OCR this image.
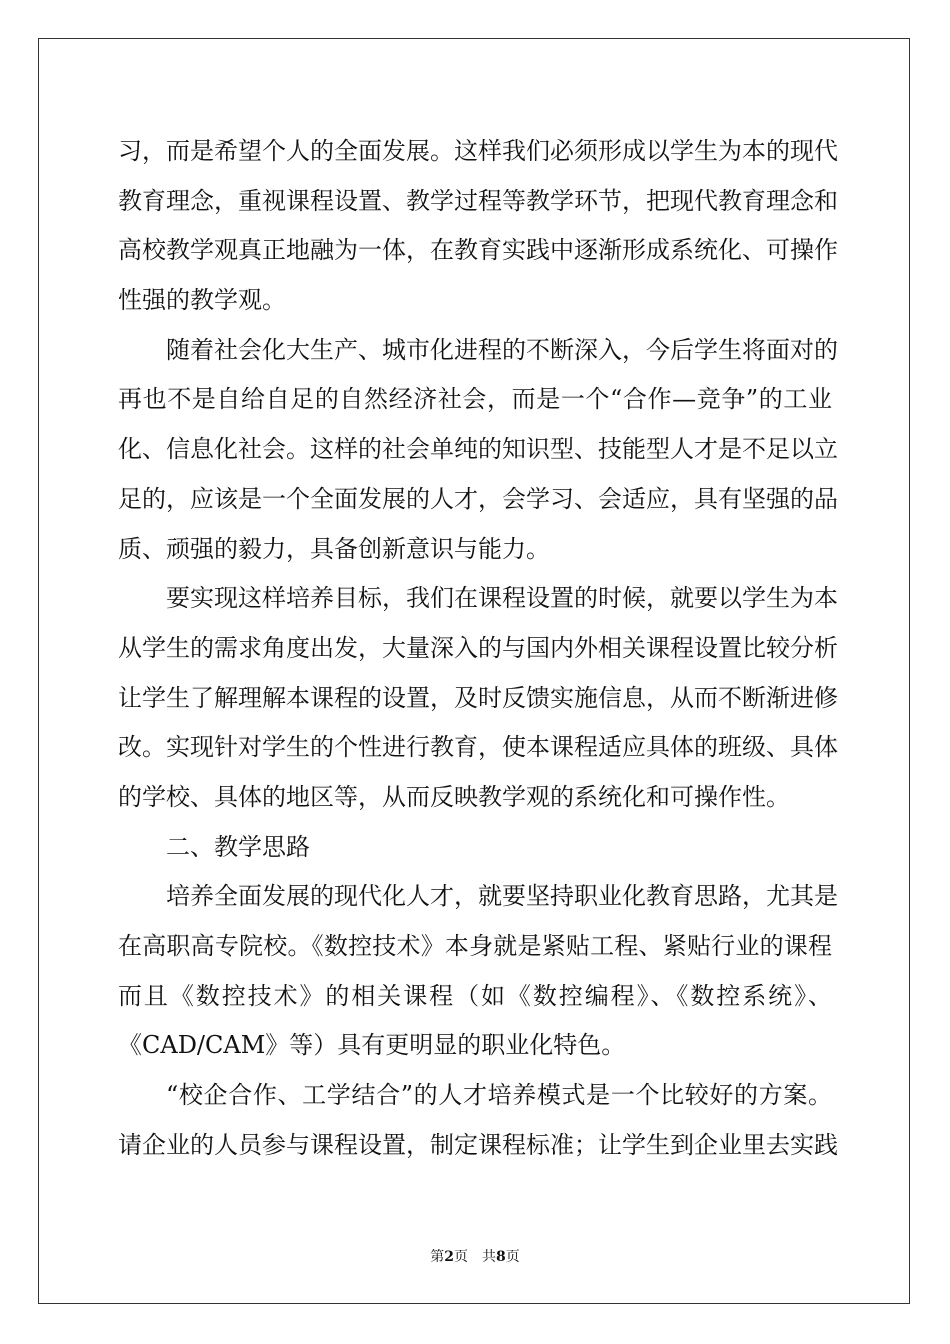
习，而是希望个人的全面发展。这样我们必须形成以学生为本的现代
教育理念，重视课程设置、教学过程等教学环节，把现代教育理念和
高校教学观真正地融为一体，在教育实践中逐渐形成系统化、可操作
性强的教学观。
随着社会化大生产、城市化进程的不断深入，今后学生将面对的
再也不是自给自足的自然经济社会，而是一个“合作—竞争”的工业
化、信息化社会。这样的社会单纯的知识型、技能型人才是不足以立
足的，应该是一个全面发展的人才，会学习、会适应，具有坚强的品
质、顽强的毅力，具备创新意识与能力。
要实现这样培养目标，我们在课程设置的时候，就要以学生为本
从学生的需求角度出发，大量深入的与国内外相关课程设置比较分析
让学生了解理解本课程的设置，及时反馈实施信息，从而不断渐进修
改。实现针对学生的个性进行教育，使本课程适应具体的班级、具体
的学校、具体的地区等，从而反映教学观的系统化和可操作性。
二、教学思路
培养全面发展的现代化人才，就要坚持职业化教育思路，尤其是
在高职高专院校。《数控技术》本身就是紧贴工程、紧贴行业的课程
而且《数控技术》的相关课程（如《数控编程》、《数控系统》、
《CAD/CAM》等）具有更明显的职业化特色。
“校企合作、工学结合”的人才培养模式是一个比较好的方案。
请企业的人员参与课程设置，制定课程标准；让学生到企业里去实践
第2页 共8页
